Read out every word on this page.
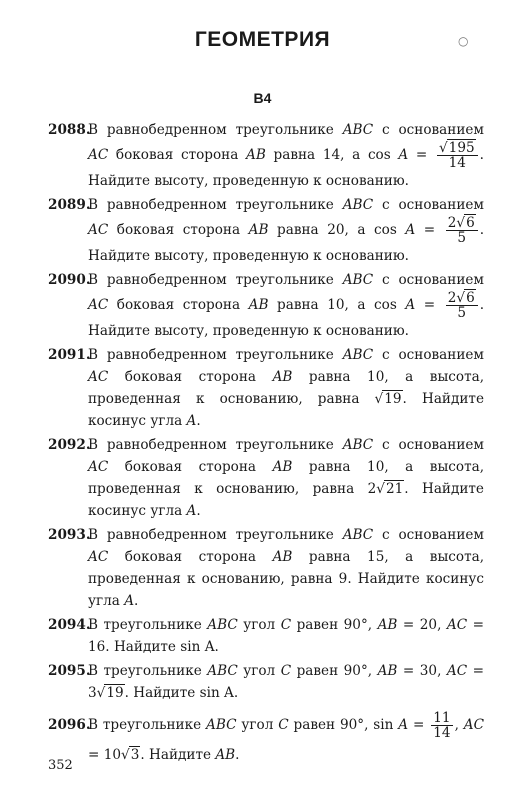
ГЕОМЕТРИЯ	○
В4
2088.
В равнобедренном треугольнике ABC с основанием AC боковая сторона AB равна 14, а $\cos A = \frac{√195}{14}$ . Найдите высоту, проведенную к основанию.
2089.
В равнобедренном треугольнике ABC с основанием AC боковая сторона AB равна 20, а $\cos A = \frac{2√6}{5}$ . Найдите высоту, проведенную к основанию.
2090.
В равнобедренном треугольнике ABC с основанием AC боковая сторона AB равна 10, а $\cos A = \frac{2√6}{5}$ . Найдите высоту, проведенную к основанию.
2091.
В равнобедренном треугольнике ABC с основанием AC боковая сторона AB равна 10, а высота, проведенная к основанию, равна √19. Найдите косинус угла A.
2092.
В равнобедренном треугольнике ABC с основанием AC боковая сторона AB равна 10, а высота, проведенная к основанию, равна 2√21. Найдите косинус угла A.
2093.
В равнобедренном треугольнике ABC с основанием AC боковая сторона AB равна 15, а высота, проведенная к основанию, равна 9. Найдите косинус угла A.
2094.
В треугольнике ABC угол C равен 90°, AB = 20, AC = 16. Найдите sin A.
2095.
В треугольнике ABC угол C равен 90°, AB = 30, AC = 3√19. Найдите sin A.
2096.
В треугольнике ABC угол C равен 90°, $\sin A = \frac{11}{14}$ , AC = 10√3. Найдите AB.
352
